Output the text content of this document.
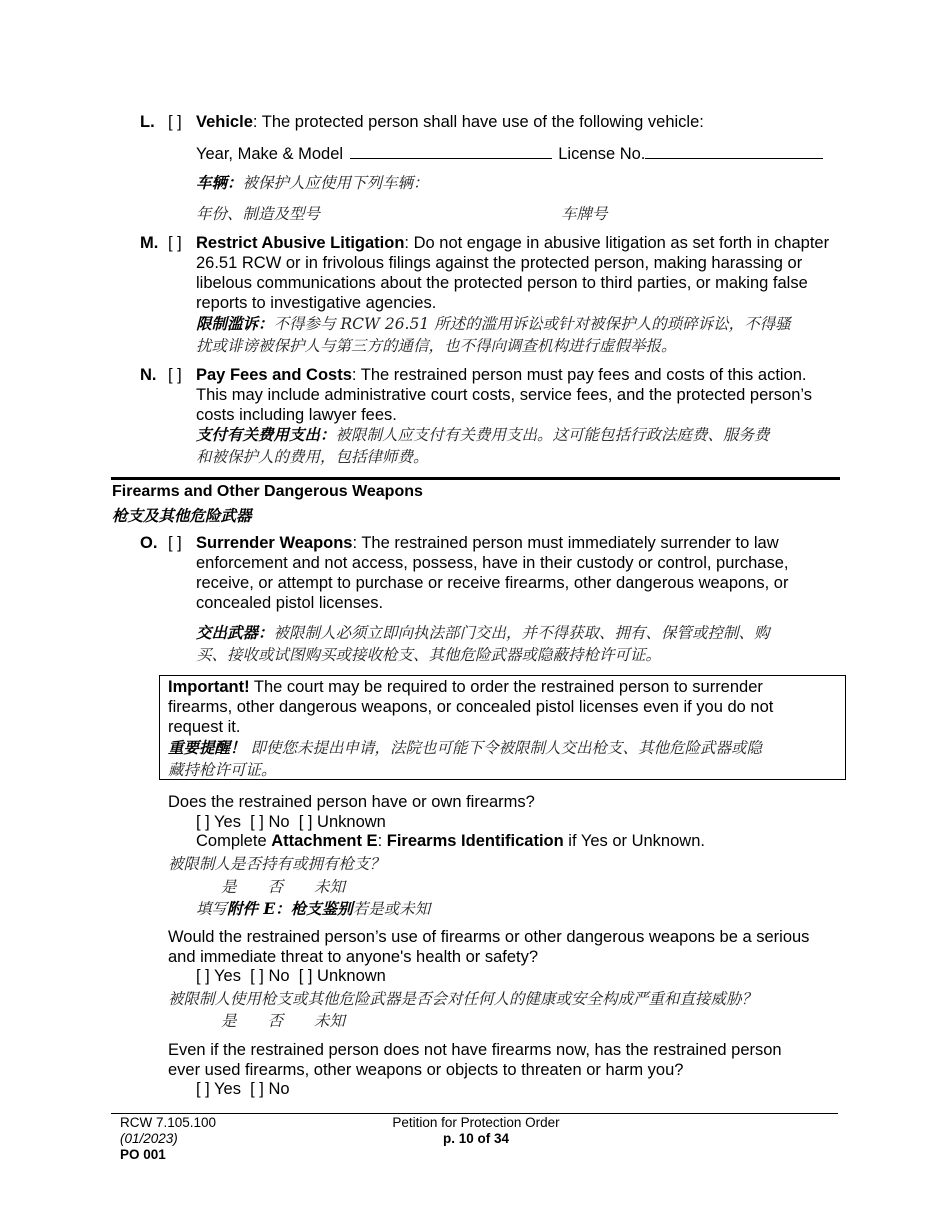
L. [ ] Vehicle: The protected person shall have use of the following vehicle:
Year, Make & Model	License No.
车辆：被保护人应使用下列车辆：
年份、制造及型号	车牌号
M. [ ] Restrict Abusive Litigation: Do not engage in abusive litigation as set forth in chapter
26.51 RCW or in frivolous filings against the protected person, making harassing or
libelous communications about the protected person to third parties, or making false
reports to investigative agencies.
限制滥诉：不得参与 RCW 26.51 所述的滥用诉讼或针对被保护人的琐碎诉讼，不得骚
扰或诽谤被保护人与第三方的通信，也不得向调查机构进行虚假举报。
N. [ ] Pay Fees and Costs: The restrained person must pay fees and costs of this action.
This may include administrative court costs, service fees, and the protected person’s
costs including lawyer fees.
支付有关费用支出：被限制人应支付有关费用支出。这可能包括行政法庭费、服务费
和被保护人的费用，包括律师费。
Firearms and Other Dangerous Weapons
枪支及其他危险武器
O. [ ] Surrender Weapons: The restrained person must immediately surrender to law
enforcement and not access, possess, have in their custody or control, purchase,
receive, or attempt to purchase or receive firearms, other dangerous weapons, or
concealed pistol licenses.
交出武器：被限制人必须立即向执法部门交出，并不得获取、拥有、保管或控制、购
买、接收或试图购买或接收枪支、其他危险武器或隐蔽持枪许可证。
Important! The court may be required to order the restrained person to surrender
firearms, other dangerous weapons, or concealed pistol licenses even if you do not
request it.
重要提醒！ 即使您未提出申请，法院也可能下令被限制人交出枪支、其他危险武器或隐
藏持枪许可证。
Does the restrained person have or own firearms?
[ ] Yes  [ ] No  [ ] Unknown
Complete Attachment E: Firearms Identification if Yes or Unknown.
被限制人是否持有或拥有枪支？
是　　否　　未知
填写附件 E：枪支鉴别若是或未知
Would the restrained person’s use of firearms or other dangerous weapons be a serious
and immediate threat to anyone's health or safety?
[ ] Yes  [ ] No  [ ] Unknown
被限制人使用枪支或其他危险武器是否会对任何人的健康或安全构成严重和直接威胁？
是　　否　　未知
Even if the restrained person does not have firearms now, has the restrained person
ever used firearms, other weapons or objects to threaten or harm you?
[ ] Yes  [ ] No
RCW 7.105.100
(01/2023)
PO 001
Petition for Protection Order
p. 10 of 34
